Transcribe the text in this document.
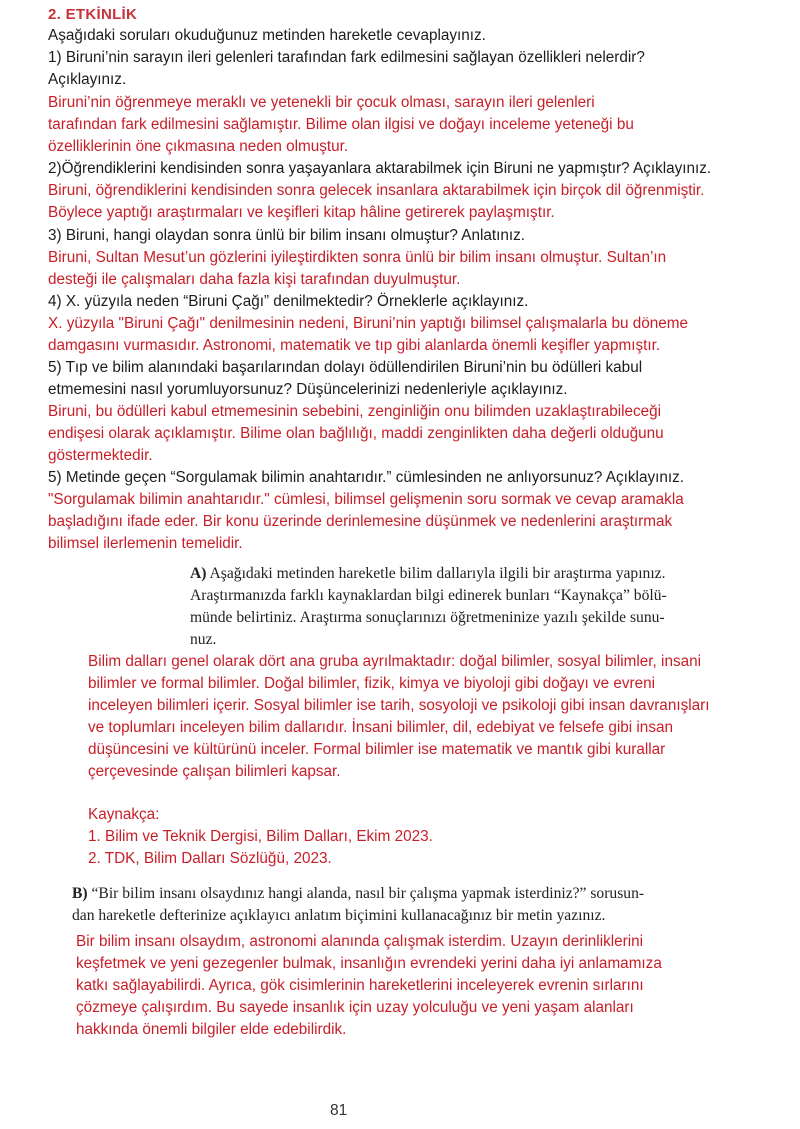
2. ETKİNLİK
Aşağıdaki soruları okuduğunuz metinden hareketle cevaplayınız.
1) Biruni’nin sarayın ileri gelenleri tarafından fark edilmesini sağlayan özellikleri nelerdir?
Açıklayınız.
Biruni’nin öğrenmeye meraklı ve yetenekli bir çocuk olması, sarayın ileri gelenleri
tarafından fark edilmesini sağlamıştır. Bilime olan ilgisi ve doğayı inceleme yeteneği bu
özelliklerinin öne çıkmasına neden olmuştur.
2)Öğrendiklerini kendisinden sonra yaşayanlara aktarabilmek için Biruni ne yapmıştır? Açıklayınız.
Biruni, öğrendiklerini kendisinden sonra gelecek insanlara aktarabilmek için birçok dil öğrenmiştir.
Böylece yaptığı araştırmaları ve keşifleri kitap hâline getirerek paylaşmıştır.
3) Biruni, hangi olaydan sonra ünlü bir bilim insanı olmuştur? Anlatınız.
Biruni, Sultan Mesut’un gözlerini iyileştirdikten sonra ünlü bir bilim insanı olmuştur. Sultan’ın
desteği ile çalışmaları daha fazla kişi tarafından duyulmuştur.
4) X. yüzyıla neden “Biruni Çağı” denilmektedir? Örneklerle açıklayınız.
X. yüzyıla "Biruni Çağı" denilmesinin nedeni, Biruni’nin yaptığı bilimsel çalışmalarla bu döneme
damgasını vurmasıdır. Astronomi, matematik ve tıp gibi alanlarda önemli keşifler yapmıştır.
5) Tıp ve bilim alanındaki başarılarından dolayı ödüllendirilen Biruni’nin bu ödülleri kabul
etmemesini nasıl yorumluyorsunuz? Düşüncelerinizi nedenleriyle açıklayınız.
Biruni, bu ödülleri kabul etmemesinin sebebini, zenginliğin onu bilimden uzaklaştırabileceği
endişesi olarak açıklamıştır. Bilime olan bağlılığı, maddi zenginlikten daha değerli olduğunu
göstermektedir.
5) Metinde geçen “Sorgulamak bilimin anahtarıdır.” cümlesinden ne anlıyorsunuz? Açıklayınız.
"Sorgulamak bilimin anahtarıdır." cümlesi, bilimsel gelişmenin soru sormak ve cevap aramakla
başladığını ifade eder. Bir konu üzerinde derinlemesine düşünmek ve nedenlerini araştırmak
bilimsel ilerlemenin temelidir.
A) Aşağıdaki metinden hareketle bilim dallarıyla ilgili bir araştırma yapınız.
Araştırmanızda farklı kaynaklardan bilgi edinerek bunları “Kaynakça” bölü-
münde belirtiniz. Araştırma sonuçlarınızı öğretmeninize yazılı şekilde sunu-
nuz.
Bilim dalları genel olarak dört ana gruba ayrılmaktadır: doğal bilimler, sosyal bilimler, insani
bilimler ve formal bilimler. Doğal bilimler, fizik, kimya ve biyoloji gibi doğayı ve evreni
inceleyen bilimleri içerir. Sosyal bilimler ise tarih, sosyoloji ve psikoloji gibi insan davranışları
ve toplumları inceleyen bilim dallarıdır. İnsani bilimler, dil, edebiyat ve felsefe gibi insan
düşüncesini ve kültürünü inceler. Formal bilimler ise matematik ve mantık gibi kurallar
çerçevesinde çalışan bilimleri kapsar.
Kaynakça:
1. Bilim ve Teknik Dergisi, Bilim Dalları, Ekim 2023.
2. TDK, Bilim Dalları Sözlüğü, 2023.
B) “Bir bilim insanı olsaydınız hangi alanda, nasıl bir çalışma yapmak isterdiniz?” sorusun-
dan hareketle defterinize açıklayıcı anlatım biçimini kullanacağınız bir metin yazınız.
Bir bilim insanı olsaydım, astronomi alanında çalışmak isterdim. Uzayın derinliklerini
keşfetmek ve yeni gezegenler bulmak, insanlığın evrendeki yerini daha iyi anlamamıza
katkı sağlayabilirdi. Ayrıca, gök cisimlerinin hareketlerini inceleyerek evrenin sırlarını
çözmeye çalışırdım. Bu sayede insanlık için uzay yolculuğu ve yeni yaşam alanları
hakkında önemli bilgiler elde edebilirdik.
81
